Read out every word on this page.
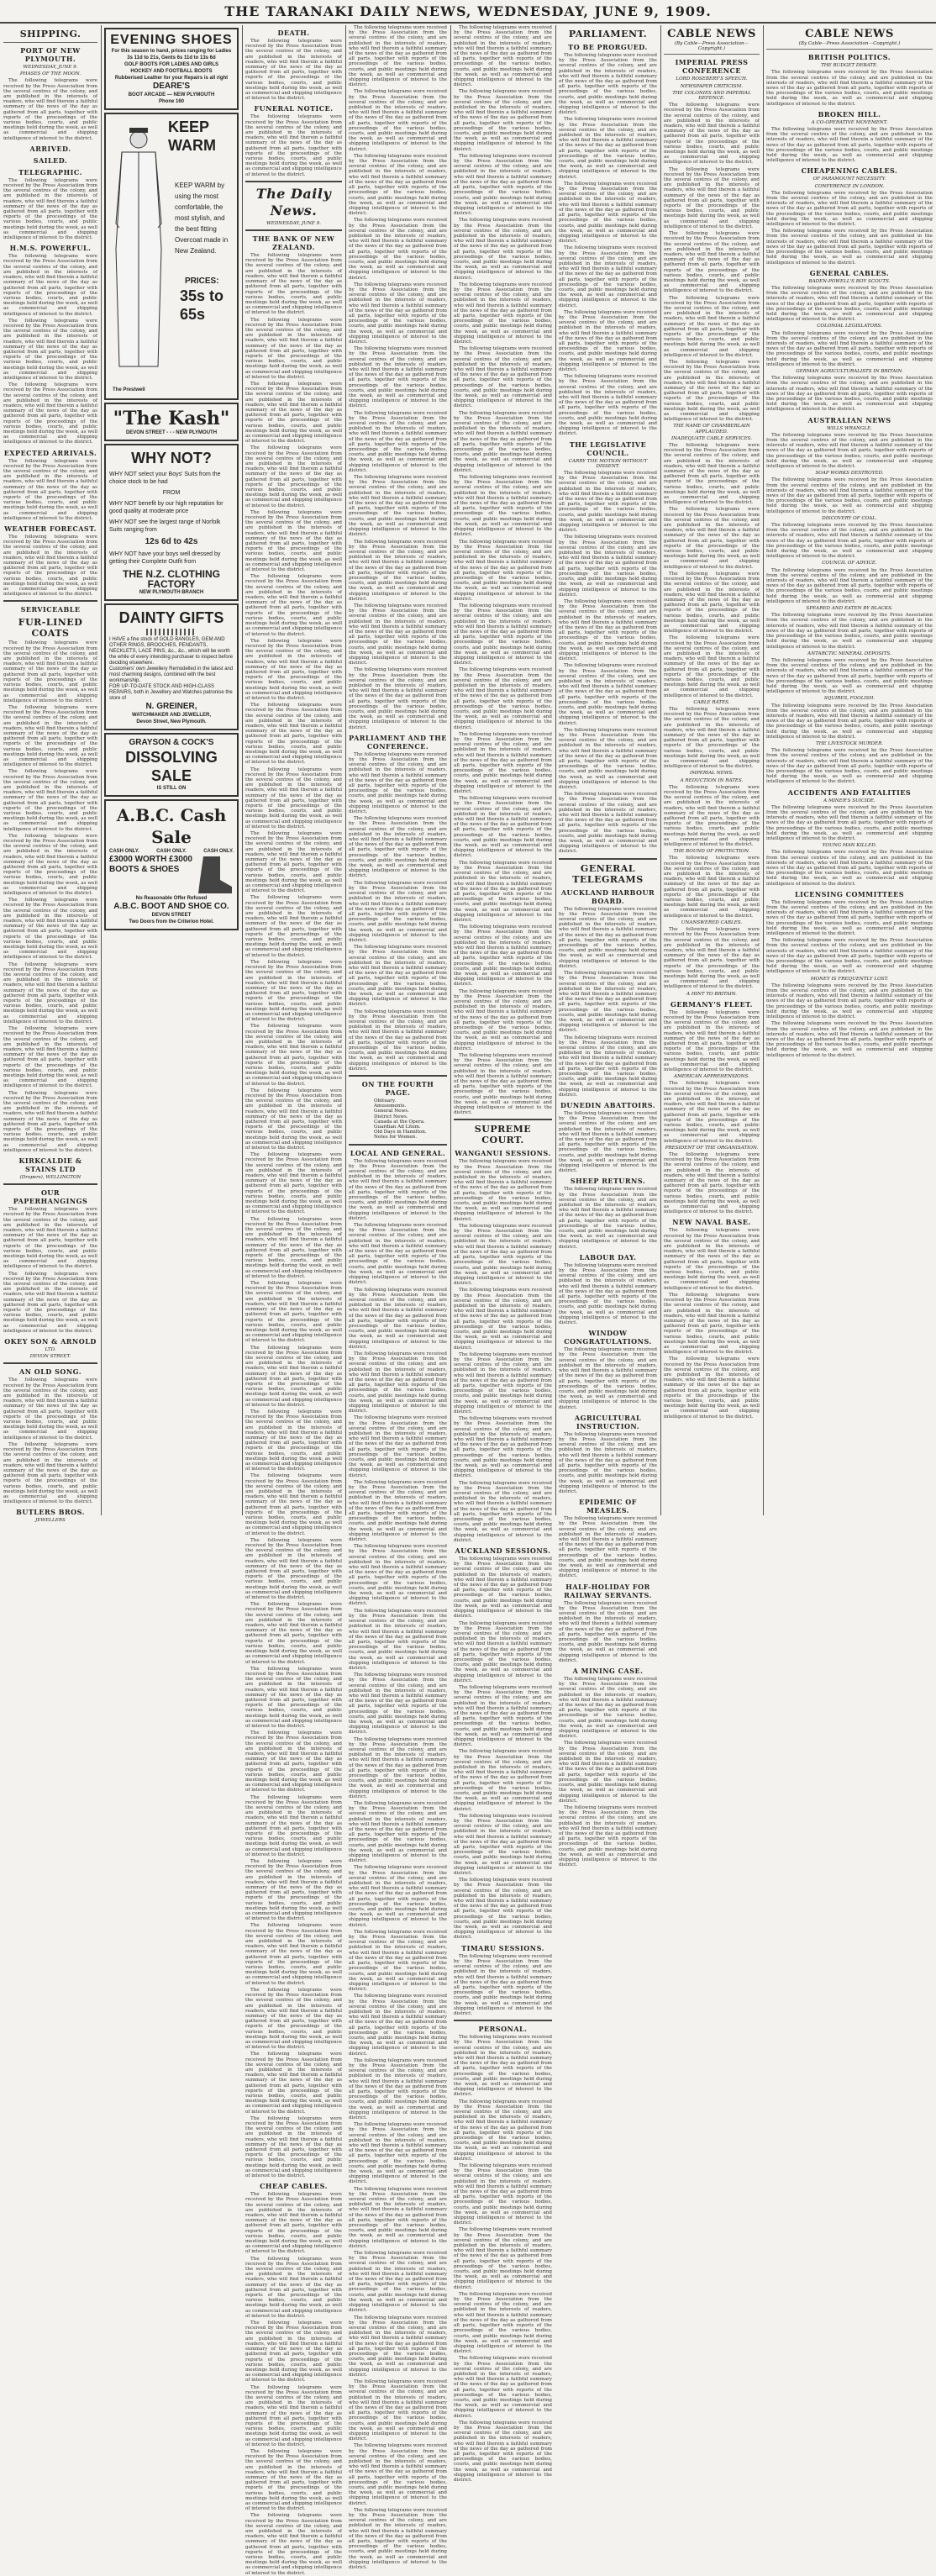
THE TARANAKI DAILY NEWS, WEDNESDAY, JUNE 9, 1909.
SHIPPING.
PORT OF NEW PLYMOUTH.
WEDNESDAY, JUNE 9.
PHASES OF THE MOON.
The following telegrams were received by the Press Association from the several centres of the colony, and are published in the interests of readers, who will find therein a faithful summary of the news of the day as gathered from all parts, together with reports of the proceedings of the various bodies, courts, and public meetings held during the week, as well as commercial and shipping intelligence of interest to the district.
ARRIVED.
SAILED.
TELEGRAPHIC.
The following telegrams were received by the Press Association from the several centres of the colony, and are published in the interests of readers, who will find therein a faithful summary of the news of the day as gathered from all parts, together with reports of the proceedings of the various bodies, courts, and public meetings held during the week, as well as commercial and shipping intelligence of interest to the district.
H.M.S. POWERFUL.
The following telegrams were received by the Press Association from the several centres of the colony, and are published in the interests of readers, who will find therein a faithful summary of the news of the day as gathered from all parts, together with reports of the proceedings of the various bodies, courts, and public meetings held during the week, as well as commercial and shipping intelligence of interest to the district.
The following telegrams were received by the Press Association from the several centres of the colony, and are published in the interests of readers, who will find therein a faithful summary of the news of the day as gathered from all parts, together with reports of the proceedings of the various bodies, courts, and public meetings held during the week, as well as commercial and shipping intelligence of interest to the district.
The following telegrams were received by the Press Association from the several centres of the colony, and are published in the interests of readers, who will find therein a faithful summary of the news of the day as gathered from all parts, together with reports of the proceedings of the various bodies, courts, and public meetings held during the week, as well as commercial and shipping intelligence of interest to the district.
EXPECTED ARRIVALS.
The following telegrams were received by the Press Association from the several centres of the colony, and are published in the interests of readers, who will find therein a faithful summary of the news of the day as gathered from all parts, together with reports of the proceedings of the various bodies, courts, and public meetings held during the week, as well as commercial and shipping intelligence of interest to the district.
WEATHER FORECAST.
The following telegrams were received by the Press Association from the several centres of the colony, and are published in the interests of readers, who will find therein a faithful summary of the news of the day as gathered from all parts, together with reports of the proceedings of the various bodies, courts, and public meetings held during the week, as well as commercial and shipping intelligence of interest to the district.
SERVICEABLE
FUR-LINED COATS
The following telegrams were received by the Press Association from the several centres of the colony, and are published in the interests of readers, who will find therein a faithful summary of the news of the day as gathered from all parts, together with reports of the proceedings of the various bodies, courts, and public meetings held during the week, as well as commercial and shipping intelligence of interest to the district.
The following telegrams were received by the Press Association from the several centres of the colony, and are published in the interests of readers, who will find therein a faithful summary of the news of the day as gathered from all parts, together with reports of the proceedings of the various bodies, courts, and public meetings held during the week, as well as commercial and shipping intelligence of interest to the district.
The following telegrams were received by the Press Association from the several centres of the colony, and are published in the interests of readers, who will find therein a faithful summary of the news of the day as gathered from all parts, together with reports of the proceedings of the various bodies, courts, and public meetings held during the week, as well as commercial and shipping intelligence of interest to the district.
The following telegrams were received by the Press Association from the several centres of the colony, and are published in the interests of readers, who will find therein a faithful summary of the news of the day as gathered from all parts, together with reports of the proceedings of the various bodies, courts, and public meetings held during the week, as well as commercial and shipping intelligence of interest to the district.
The following telegrams were received by the Press Association from the several centres of the colony, and are published in the interests of readers, who will find therein a faithful summary of the news of the day as gathered from all parts, together with reports of the proceedings of the various bodies, courts, and public meetings held during the week, as well as commercial and shipping intelligence of interest to the district.
The following telegrams were received by the Press Association from the several centres of the colony, and are published in the interests of readers, who will find therein a faithful summary of the news of the day as gathered from all parts, together with reports of the proceedings of the various bodies, courts, and public meetings held during the week, as well as commercial and shipping intelligence of interest to the district.
The following telegrams were received by the Press Association from the several centres of the colony, and are published in the interests of readers, who will find therein a faithful summary of the news of the day as gathered from all parts, together with reports of the proceedings of the various bodies, courts, and public meetings held during the week, as well as commercial and shipping intelligence of interest to the district.
The following telegrams were received by the Press Association from the several centres of the colony, and are published in the interests of readers, who will find therein a faithful summary of the news of the day as gathered from all parts, together with reports of the proceedings of the various bodies, courts, and public meetings held during the week, as well as commercial and shipping intelligence of interest to the district.
KIRKCALDIE & STAINS LTD
(Drapers), WELLINGTON
OUR PAPERHANGINGS
The following telegrams were received by the Press Association from the several centres of the colony, and are published in the interests of readers, who will find therein a faithful summary of the news of the day as gathered from all parts, together with reports of the proceedings of the various bodies, courts, and public meetings held during the week, as well as commercial and shipping intelligence of interest to the district.
The following telegrams were received by the Press Association from the several centres of the colony, and are published in the interests of readers, who will find therein a faithful summary of the news of the day as gathered from all parts, together with reports of the proceedings of the various bodies, courts, and public meetings held during the week, as well as commercial and shipping intelligence of interest to the district.
OKEY SON & ARNOLD
LTD.
DEVON STREET.
AN OLD SONG.
The following telegrams were received by the Press Association from the several centres of the colony, and are published in the interests of readers, who will find therein a faithful summary of the news of the day as gathered from all parts, together with reports of the proceedings of the various bodies, courts, and public meetings held during the week, as well as commercial and shipping intelligence of interest to the district.
The following telegrams were received by the Press Association from the several centres of the colony, and are published in the interests of readers, who will find therein a faithful summary of the news of the day as gathered from all parts, together with reports of the proceedings of the various bodies, courts, and public meetings held during the week, as well as commercial and shipping intelligence of interest to the district.
BUTLERS BROS.
JEWELLERS
EVENING SHOES
For this season to hand, prices ranging for Ladies 3s 11d to 21s, Gents 6s 11d to 13s 6d
GOLF BOOTS FOR LADIES AND GIRLS
HOCKEY AND FOOTBALL BOOTS
Rubberised Leather for your Repairs is all right
DEARE'S
BOOT ARCADE — NEW PLYMOUTH
Phone 160
KEEP WARM
KEEP WARM by using the most comfortable, the most stylish, and the best fitting Overcoat made in New Zealand.
PRICES:
35s to 65s
The Prestwell
"The Kash"
DEVON STREET - - - NEW PLYMOUTH
WHY NOT?
WHY NOT select your Boys' Suits from the choice stock to be had
FROM
WHY NOT benefit by our high reputation for good quality at moderate price
WHY NOT see the largest range of Norfolk Suits ranging from
12s 6d to 42s
WHY NOT have your boys well dressed by getting their Complete Outfit from
THE N.Z. CLOTHING FACTORY
NEW PLYMOUTH BRANCH
DAINTY GIFTS
I HAVE a fine stock of GOLD BANGLES, GEM AND OTHER RINGS, BROOCHES, PENDANTS, NECKLETS, LACE PINS, &c., &c., which will be worth the while of every intending purchaser to inspect before deciding elsewhere.
Customers' own Jewellery Remodelled in the latest and most charming designs, combined with the best workmanship.
FOR UP-TO-DATE STOCK AND HIGH-CLASS REPAIRS, both in Jewellery and Watches patronise the store of
N. GREINER,
WATCHMAKER AND JEWELLER,
Devon Street, New Plymouth.
GRAYSON & COCK'S
DISSOLVING SALE
IS STILL ON
A.B.C. Cash Sale
CASH ONLY.	CASH ONLY.	CASH ONLY.
£3000 WORTH £3000
BOOTS & SHOES
No Reasonable Offer Refused
A.B.C. BOOT AND SHOE CO.
DEVON STREET
Two Doors from the Criterion Hotel.
DEATH.
The following telegrams were received by the Press Association from the several centres of the colony, and are published in the interests of readers, who will find therein a faithful summary of the news of the day as gathered from all parts, together with reports of the proceedings of the various bodies, courts, and public meetings held during the week, as well as commercial and shipping intelligence of interest to the district.
FUNERAL NOTICE.
The following telegrams were received by the Press Association from the several centres of the colony, and are published in the interests of readers, who will find therein a faithful summary of the news of the day as gathered from all parts, together with reports of the proceedings of the various bodies, courts, and public meetings held during the week, as well as commercial and shipping intelligence of interest to the district.
The Daily News.
WEDNESDAY, JUNE 9.
THE BANK OF NEW ZEALAND.
The following telegrams were received by the Press Association from the several centres of the colony, and are published in the interests of readers, who will find therein a faithful summary of the news of the day as gathered from all parts, together with reports of the proceedings of the various bodies, courts, and public meetings held during the week, as well as commercial and shipping intelligence of interest to the district.
The following telegrams were received by the Press Association from the several centres of the colony, and are published in the interests of readers, who will find therein a faithful summary of the news of the day as gathered from all parts, together with reports of the proceedings of the various bodies, courts, and public meetings held during the week, as well as commercial and shipping intelligence of interest to the district.
The following telegrams were received by the Press Association from the several centres of the colony, and are published in the interests of readers, who will find therein a faithful summary of the news of the day as gathered from all parts, together with reports of the proceedings of the various bodies, courts, and public meetings held during the week, as well as commercial and shipping intelligence of interest to the district.
The following telegrams were received by the Press Association from the several centres of the colony, and are published in the interests of readers, who will find therein a faithful summary of the news of the day as gathered from all parts, together with reports of the proceedings of the various bodies, courts, and public meetings held during the week, as well as commercial and shipping intelligence of interest to the district.
The following telegrams were received by the Press Association from the several centres of the colony, and are published in the interests of readers, who will find therein a faithful summary of the news of the day as gathered from all parts, together with reports of the proceedings of the various bodies, courts, and public meetings held during the week, as well as commercial and shipping intelligence of interest to the district.
The following telegrams were received by the Press Association from the several centres of the colony, and are published in the interests of readers, who will find therein a faithful summary of the news of the day as gathered from all parts, together with reports of the proceedings of the various bodies, courts, and public meetings held during the week, as well as commercial and shipping intelligence of interest to the district.
The following telegrams were received by the Press Association from the several centres of the colony, and are published in the interests of readers, who will find therein a faithful summary of the news of the day as gathered from all parts, together with reports of the proceedings of the various bodies, courts, and public meetings held during the week, as well as commercial and shipping intelligence of interest to the district.
The following telegrams were received by the Press Association from the several centres of the colony, and are published in the interests of readers, who will find therein a faithful summary of the news of the day as gathered from all parts, together with reports of the proceedings of the various bodies, courts, and public meetings held during the week, as well as commercial and shipping intelligence of interest to the district.
The following telegrams were received by the Press Association from the several centres of the colony, and are published in the interests of readers, who will find therein a faithful summary of the news of the day as gathered from all parts, together with reports of the proceedings of the various bodies, courts, and public meetings held during the week, as well as commercial and shipping intelligence of interest to the district.
The following telegrams were received by the Press Association from the several centres of the colony, and are published in the interests of readers, who will find therein a faithful summary of the news of the day as gathered from all parts, together with reports of the proceedings of the various bodies, courts, and public meetings held during the week, as well as commercial and shipping intelligence of interest to the district.
The following telegrams were received by the Press Association from the several centres of the colony, and are published in the interests of readers, who will find therein a faithful summary of the news of the day as gathered from all parts, together with reports of the proceedings of the various bodies, courts, and public meetings held during the week, as well as commercial and shipping intelligence of interest to the district.
The following telegrams were received by the Press Association from the several centres of the colony, and are published in the interests of readers, who will find therein a faithful summary of the news of the day as gathered from all parts, together with reports of the proceedings of the various bodies, courts, and public meetings held during the week, as well as commercial and shipping intelligence of interest to the district.
The following telegrams were received by the Press Association from the several centres of the colony, and are published in the interests of readers, who will find therein a faithful summary of the news of the day as gathered from all parts, together with reports of the proceedings of the various bodies, courts, and public meetings held during the week, as well as commercial and shipping intelligence of interest to the district.
The following telegrams were received by the Press Association from the several centres of the colony, and are published in the interests of readers, who will find therein a faithful summary of the news of the day as gathered from all parts, together with reports of the proceedings of the various bodies, courts, and public meetings held during the week, as well as commercial and shipping intelligence of interest to the district.
The following telegrams were received by the Press Association from the several centres of the colony, and are published in the interests of readers, who will find therein a faithful summary of the news of the day as gathered from all parts, together with reports of the proceedings of the various bodies, courts, and public meetings held during the week, as well as commercial and shipping intelligence of interest to the district.
The following telegrams were received by the Press Association from the several centres of the colony, and are published in the interests of readers, who will find therein a faithful summary of the news of the day as gathered from all parts, together with reports of the proceedings of the various bodies, courts, and public meetings held during the week, as well as commercial and shipping intelligence of interest to the district.
The following telegrams were received by the Press Association from the several centres of the colony, and are published in the interests of readers, who will find therein a faithful summary of the news of the day as gathered from all parts, together with reports of the proceedings of the various bodies, courts, and public meetings held during the week, as well as commercial and shipping intelligence of interest to the district.
The following telegrams were received by the Press Association from the several centres of the colony, and are published in the interests of readers, who will find therein a faithful summary of the news of the day as gathered from all parts, together with reports of the proceedings of the various bodies, courts, and public meetings held during the week, as well as commercial and shipping intelligence of interest to the district.
The following telegrams were received by the Press Association from the several centres of the colony, and are published in the interests of readers, who will find therein a faithful summary of the news of the day as gathered from all parts, together with reports of the proceedings of the various bodies, courts, and public meetings held during the week, as well as commercial and shipping intelligence of interest to the district.
The following telegrams were received by the Press Association from the several centres of the colony, and are published in the interests of readers, who will find therein a faithful summary of the news of the day as gathered from all parts, together with reports of the proceedings of the various bodies, courts, and public meetings held during the week, as well as commercial and shipping intelligence of interest to the district.
The following telegrams were received by the Press Association from the several centres of the colony, and are published in the interests of readers, who will find therein a faithful summary of the news of the day as gathered from all parts, together with reports of the proceedings of the various bodies, courts, and public meetings held during the week, as well as commercial and shipping intelligence of interest to the district.
The following telegrams were received by the Press Association from the several centres of the colony, and are published in the interests of readers, who will find therein a faithful summary of the news of the day as gathered from all parts, together with reports of the proceedings of the various bodies, courts, and public meetings held during the week, as well as commercial and shipping intelligence of interest to the district.
The following telegrams were received by the Press Association from the several centres of the colony, and are published in the interests of readers, who will find therein a faithful summary of the news of the day as gathered from all parts, together with reports of the proceedings of the various bodies, courts, and public meetings held during the week, as well as commercial and shipping intelligence of interest to the district.
The following telegrams were received by the Press Association from the several centres of the colony, and are published in the interests of readers, who will find therein a faithful summary of the news of the day as gathered from all parts, together with reports of the proceedings of the various bodies, courts, and public meetings held during the week, as well as commercial and shipping intelligence of interest to the district.
The following telegrams were received by the Press Association from the several centres of the colony, and are published in the interests of readers, who will find therein a faithful summary of the news of the day as gathered from all parts, together with reports of the proceedings of the various bodies, courts, and public meetings held during the week, as well as commercial and shipping intelligence of interest to the district.
The following telegrams were received by the Press Association from the several centres of the colony, and are published in the interests of readers, who will find therein a faithful summary of the news of the day as gathered from all parts, together with reports of the proceedings of the various bodies, courts, and public meetings held during the week, as well as commercial and shipping intelligence of interest to the district.
The following telegrams were received by the Press Association from the several centres of the colony, and are published in the interests of readers, who will find therein a faithful summary of the news of the day as gathered from all parts, together with reports of the proceedings of the various bodies, courts, and public meetings held during the week, as well as commercial and shipping intelligence of interest to the district.
The following telegrams were received by the Press Association from the several centres of the colony, and are published in the interests of readers, who will find therein a faithful summary of the news of the day as gathered from all parts, together with reports of the proceedings of the various bodies, courts, and public meetings held during the week, as well as commercial and shipping intelligence of interest to the district.
The following telegrams were received by the Press Association from the several centres of the colony, and are published in the interests of readers, who will find therein a faithful summary of the news of the day as gathered from all parts, together with reports of the proceedings of the various bodies, courts, and public meetings held during the week, as well as commercial and shipping intelligence of interest to the district.
The following telegrams were received by the Press Association from the several centres of the colony, and are published in the interests of readers, who will find therein a faithful summary of the news of the day as gathered from all parts, together with reports of the proceedings of the various bodies, courts, and public meetings held during the week, as well as commercial and shipping intelligence of interest to the district.
CHEAP CABLES.
The following telegrams were received by the Press Association from the several centres of the colony, and are published in the interests of readers, who will find therein a faithful summary of the news of the day as gathered from all parts, together with reports of the proceedings of the various bodies, courts, and public meetings held during the week, as well as commercial and shipping intelligence of interest to the district.
The following telegrams were received by the Press Association from the several centres of the colony, and are published in the interests of readers, who will find therein a faithful summary of the news of the day as gathered from all parts, together with reports of the proceedings of the various bodies, courts, and public meetings held during the week, as well as commercial and shipping intelligence of interest to the district.
The following telegrams were received by the Press Association from the several centres of the colony, and are published in the interests of readers, who will find therein a faithful summary of the news of the day as gathered from all parts, together with reports of the proceedings of the various bodies, courts, and public meetings held during the week, as well as commercial and shipping intelligence of interest to the district.
The following telegrams were received by the Press Association from the several centres of the colony, and are published in the interests of readers, who will find therein a faithful summary of the news of the day as gathered from all parts, together with reports of the proceedings of the various bodies, courts, and public meetings held during the week, as well as commercial and shipping intelligence of interest to the district.
The following telegrams were received by the Press Association from the several centres of the colony, and are published in the interests of readers, who will find therein a faithful summary of the news of the day as gathered from all parts, together with reports of the proceedings of the various bodies, courts, and public meetings held during the week, as well as commercial and shipping intelligence of interest to the district.
The following telegrams were received by the Press Association from the several centres of the colony, and are published in the interests of readers, who will find therein a faithful summary of the news of the day as gathered from all parts, together with reports of the proceedings of the various bodies, courts, and public meetings held during the week, as well as commercial and shipping intelligence of interest to the district.
The following telegrams were received by the Press Association from the several centres of the colony, and are published in the interests of readers, who will find therein a faithful summary of the news of the day as gathered from all parts, together with reports of the proceedings of the various bodies, courts, and public meetings held during the week, as well as commercial and shipping intelligence of interest to the district.
The following telegrams were received by the Press Association from the several centres of the colony, and are published in the interests of readers, who will find therein a faithful summary of the news of the day as gathered from all parts, together with reports of the proceedings of the various bodies, courts, and public meetings held during the week, as well as commercial and shipping intelligence of interest to the district.
The following telegrams were received by the Press Association from the several centres of the colony, and are published in the interests of readers, who will find therein a faithful summary of the news of the day as gathered from all parts, together with reports of the proceedings of the various bodies, courts, and public meetings held during the week, as well as commercial and shipping intelligence of interest to the district.
The following telegrams were received by the Press Association from the several centres of the colony, and are published in the interests of readers, who will find therein a faithful summary of the news of the day as gathered from all parts, together with reports of the proceedings of the various bodies, courts, and public meetings held during the week, as well as commercial and shipping intelligence of interest to the district.
The following telegrams were received by the Press Association from the several centres of the colony, and are published in the interests of readers, who will find therein a faithful summary of the news of the day as gathered from all parts, together with reports of the proceedings of the various bodies, courts, and public meetings held during the week, as well as commercial and shipping intelligence of interest to the district.
The following telegrams were received by the Press Association from the several centres of the colony, and are published in the interests of readers, who will find therein a faithful summary of the news of the day as gathered from all parts, together with reports of the proceedings of the various bodies, courts, and public meetings held during the week, as well as commercial and shipping intelligence of interest to the district.
The following telegrams were received by the Press Association from the several centres of the colony, and are published in the interests of readers, who will find therein a faithful summary of the news of the day as gathered from all parts, together with reports of the proceedings of the various bodies, courts, and public meetings held during the week, as well as commercial and shipping intelligence of interest to the district.
The following telegrams were received by the Press Association from the several centres of the colony, and are published in the interests of readers, who will find therein a faithful summary of the news of the day as gathered from all parts, together with reports of the proceedings of the various bodies, courts, and public meetings held during the week, as well as commercial and shipping intelligence of interest to the district.
The following telegrams were received by the Press Association from the several centres of the colony, and are published in the interests of readers, who will find therein a faithful summary of the news of the day as gathered from all parts, together with reports of the proceedings of the various bodies, courts, and public meetings held during the week, as well as commercial and shipping intelligence of interest to the district.
The following telegrams were received by the Press Association from the several centres of the colony, and are published in the interests of readers, who will find therein a faithful summary of the news of the day as gathered from all parts, together with reports of the proceedings of the various bodies, courts, and public meetings held during the week, as well as commercial and shipping intelligence of interest to the district.
The following telegrams were received by the Press Association from the several centres of the colony, and are published in the interests of readers, who will find therein a faithful summary of the news of the day as gathered from all parts, together with reports of the proceedings of the various bodies, courts, and public meetings held during the week, as well as commercial and shipping intelligence of interest to the district.
PARLIAMENT AND THE CONFERENCE.
The following telegrams were received by the Press Association from the several centres of the colony, and are published in the interests of readers, who will find therein a faithful summary of the news of the day as gathered from all parts, together with reports of the proceedings of the various bodies, courts, and public meetings held during the week, as well as commercial and shipping intelligence of interest to the district.
The following telegrams were received by the Press Association from the several centres of the colony, and are published in the interests of readers, who will find therein a faithful summary of the news of the day as gathered from all parts, together with reports of the proceedings of the various bodies, courts, and public meetings held during the week, as well as commercial and shipping intelligence of interest to the district.
The following telegrams were received by the Press Association from the several centres of the colony, and are published in the interests of readers, who will find therein a faithful summary of the news of the day as gathered from all parts, together with reports of the proceedings of the various bodies, courts, and public meetings held during the week, as well as commercial and shipping intelligence of interest to the district.
The following telegrams were received by the Press Association from the several centres of the colony, and are published in the interests of readers, who will find therein a faithful summary of the news of the day as gathered from all parts, together with reports of the proceedings of the various bodies, courts, and public meetings held during the week, as well as commercial and shipping intelligence of interest to the district.
The following telegrams were received by the Press Association from the several centres of the colony, and are published in the interests of readers, who will find therein a faithful summary of the news of the day as gathered from all parts, together with reports of the proceedings of the various bodies, courts, and public meetings held during the week, as well as commercial and shipping intelligence of interest to the district.
ON THE FOURTH PAGE.
Obituary.
Amusements.
General News.
District News.
Canada at the Opera.
Guardian Ad Litem.
Old Days in Hamilton.
Notes for Women.
LOCAL AND GENERAL.
The following telegrams were received by the Press Association from the several centres of the colony, and are published in the interests of readers, who will find therein a faithful summary of the news of the day as gathered from all parts, together with reports of the proceedings of the various bodies, courts, and public meetings held during the week, as well as commercial and shipping intelligence of interest to the district.
The following telegrams were received by the Press Association from the several centres of the colony, and are published in the interests of readers, who will find therein a faithful summary of the news of the day as gathered from all parts, together with reports of the proceedings of the various bodies, courts, and public meetings held during the week, as well as commercial and shipping intelligence of interest to the district.
The following telegrams were received by the Press Association from the several centres of the colony, and are published in the interests of readers, who will find therein a faithful summary of the news of the day as gathered from all parts, together with reports of the proceedings of the various bodies, courts, and public meetings held during the week, as well as commercial and shipping intelligence of interest to the district.
The following telegrams were received by the Press Association from the several centres of the colony, and are published in the interests of readers, who will find therein a faithful summary of the news of the day as gathered from all parts, together with reports of the proceedings of the various bodies, courts, and public meetings held during the week, as well as commercial and shipping intelligence of interest to the district.
The following telegrams were received by the Press Association from the several centres of the colony, and are published in the interests of readers, who will find therein a faithful summary of the news of the day as gathered from all parts, together with reports of the proceedings of the various bodies, courts, and public meetings held during the week, as well as commercial and shipping intelligence of interest to the district.
The following telegrams were received by the Press Association from the several centres of the colony, and are published in the interests of readers, who will find therein a faithful summary of the news of the day as gathered from all parts, together with reports of the proceedings of the various bodies, courts, and public meetings held during the week, as well as commercial and shipping intelligence of interest to the district.
The following telegrams were received by the Press Association from the several centres of the colony, and are published in the interests of readers, who will find therein a faithful summary of the news of the day as gathered from all parts, together with reports of the proceedings of the various bodies, courts, and public meetings held during the week, as well as commercial and shipping intelligence of interest to the district.
The following telegrams were received by the Press Association from the several centres of the colony, and are published in the interests of readers, who will find therein a faithful summary of the news of the day as gathered from all parts, together with reports of the proceedings of the various bodies, courts, and public meetings held during the week, as well as commercial and shipping intelligence of interest to the district.
The following telegrams were received by the Press Association from the several centres of the colony, and are published in the interests of readers, who will find therein a faithful summary of the news of the day as gathered from all parts, together with reports of the proceedings of the various bodies, courts, and public meetings held during the week, as well as commercial and shipping intelligence of interest to the district.
The following telegrams were received by the Press Association from the several centres of the colony, and are published in the interests of readers, who will find therein a faithful summary of the news of the day as gathered from all parts, together with reports of the proceedings of the various bodies, courts, and public meetings held during the week, as well as commercial and shipping intelligence of interest to the district.
The following telegrams were received by the Press Association from the several centres of the colony, and are published in the interests of readers, who will find therein a faithful summary of the news of the day as gathered from all parts, together with reports of the proceedings of the various bodies, courts, and public meetings held during the week, as well as commercial and shipping intelligence of interest to the district.
The following telegrams were received by the Press Association from the several centres of the colony, and are published in the interests of readers, who will find therein a faithful summary of the news of the day as gathered from all parts, together with reports of the proceedings of the various bodies, courts, and public meetings held during the week, as well as commercial and shipping intelligence of interest to the district.
The following telegrams were received by the Press Association from the several centres of the colony, and are published in the interests of readers, who will find therein a faithful summary of the news of the day as gathered from all parts, together with reports of the proceedings of the various bodies, courts, and public meetings held during the week, as well as commercial and shipping intelligence of interest to the district.
The following telegrams were received by the Press Association from the several centres of the colony, and are published in the interests of readers, who will find therein a faithful summary of the news of the day as gathered from all parts, together with reports of the proceedings of the various bodies, courts, and public meetings held during the week, as well as commercial and shipping intelligence of interest to the district.
The following telegrams were received by the Press Association from the several centres of the colony, and are published in the interests of readers, who will find therein a faithful summary of the news of the day as gathered from all parts, together with reports of the proceedings of the various bodies, courts, and public meetings held during the week, as well as commercial and shipping intelligence of interest to the district.
The following telegrams were received by the Press Association from the several centres of the colony, and are published in the interests of readers, who will find therein a faithful summary of the news of the day as gathered from all parts, together with reports of the proceedings of the various bodies, courts, and public meetings held during the week, as well as commercial and shipping intelligence of interest to the district.
The following telegrams were received by the Press Association from the several centres of the colony, and are published in the interests of readers, who will find therein a faithful summary of the news of the day as gathered from all parts, together with reports of the proceedings of the various bodies, courts, and public meetings held during the week, as well as commercial and shipping intelligence of interest to the district.
The following telegrams were received by the Press Association from the several centres of the colony, and are published in the interests of readers, who will find therein a faithful summary of the news of the day as gathered from all parts, together with reports of the proceedings of the various bodies, courts, and public meetings held during the week, as well as commercial and shipping intelligence of interest to the district.
The following telegrams were received by the Press Association from the several centres of the colony, and are published in the interests of readers, who will find therein a faithful summary of the news of the day as gathered from all parts, together with reports of the proceedings of the various bodies, courts, and public meetings held during the week, as well as commercial and shipping intelligence of interest to the district.
The following telegrams were received by the Press Association from the several centres of the colony, and are published in the interests of readers, who will find therein a faithful summary of the news of the day as gathered from all parts, together with reports of the proceedings of the various bodies, courts, and public meetings held during the week, as well as commercial and shipping intelligence of interest to the district.
The following telegrams were received by the Press Association from the several centres of the colony, and are published in the interests of readers, who will find therein a faithful summary of the news of the day as gathered from all parts, together with reports of the proceedings of the various bodies, courts, and public meetings held during the week, as well as commercial and shipping intelligence of interest to the district.
The following telegrams were received by the Press Association from the several centres of the colony, and are published in the interests of readers, who will find therein a faithful summary of the news of the day as gathered from all parts, together with reports of the proceedings of the various bodies, courts, and public meetings held during the week, as well as commercial and shipping intelligence of interest to the district.
The following telegrams were received by the Press Association from the several centres of the colony, and are published in the interests of readers, who will find therein a faithful summary of the news of the day as gathered from all parts, together with reports of the proceedings of the various bodies, courts, and public meetings held during the week, as well as commercial and shipping intelligence of interest to the district.
The following telegrams were received by the Press Association from the several centres of the colony, and are published in the interests of readers, who will find therein a faithful summary of the news of the day as gathered from all parts, together with reports of the proceedings of the various bodies, courts, and public meetings held during the week, as well as commercial and shipping intelligence of interest to the district.
The following telegrams were received by the Press Association from the several centres of the colony, and are published in the interests of readers, who will find therein a faithful summary of the news of the day as gathered from all parts, together with reports of the proceedings of the various bodies, courts, and public meetings held during the week, as well as commercial and shipping intelligence of interest to the district.
The following telegrams were received by the Press Association from the several centres of the colony, and are published in the interests of readers, who will find therein a faithful summary of the news of the day as gathered from all parts, together with reports of the proceedings of the various bodies, courts, and public meetings held during the week, as well as commercial and shipping intelligence of interest to the district.
The following telegrams were received by the Press Association from the several centres of the colony, and are published in the interests of readers, who will find therein a faithful summary of the news of the day as gathered from all parts, together with reports of the proceedings of the various bodies, courts, and public meetings held during the week, as well as commercial and shipping intelligence of interest to the district.
The following telegrams were received by the Press Association from the several centres of the colony, and are published in the interests of readers, who will find therein a faithful summary of the news of the day as gathered from all parts, together with reports of the proceedings of the various bodies, courts, and public meetings held during the week, as well as commercial and shipping intelligence of interest to the district.
The following telegrams were received by the Press Association from the several centres of the colony, and are published in the interests of readers, who will find therein a faithful summary of the news of the day as gathered from all parts, together with reports of the proceedings of the various bodies, courts, and public meetings held during the week, as well as commercial and shipping intelligence of interest to the district.
The following telegrams were received by the Press Association from the several centres of the colony, and are published in the interests of readers, who will find therein a faithful summary of the news of the day as gathered from all parts, together with reports of the proceedings of the various bodies, courts, and public meetings held during the week, as well as commercial and shipping intelligence of interest to the district.
The following telegrams were received by the Press Association from the several centres of the colony, and are published in the interests of readers, who will find therein a faithful summary of the news of the day as gathered from all parts, together with reports of the proceedings of the various bodies, courts, and public meetings held during the week, as well as commercial and shipping intelligence of interest to the district.
The following telegrams were received by the Press Association from the several centres of the colony, and are published in the interests of readers, who will find therein a faithful summary of the news of the day as gathered from all parts, together with reports of the proceedings of the various bodies, courts, and public meetings held during the week, as well as commercial and shipping intelligence of interest to the district.
The following telegrams were received by the Press Association from the several centres of the colony, and are published in the interests of readers, who will find therein a faithful summary of the news of the day as gathered from all parts, together with reports of the proceedings of the various bodies, courts, and public meetings held during the week, as well as commercial and shipping intelligence of interest to the district.
The following telegrams were received by the Press Association from the several centres of the colony, and are published in the interests of readers, who will find therein a faithful summary of the news of the day as gathered from all parts, together with reports of the proceedings of the various bodies, courts, and public meetings held during the week, as well as commercial and shipping intelligence of interest to the district.
The following telegrams were received by the Press Association from the several centres of the colony, and are published in the interests of readers, who will find therein a faithful summary of the news of the day as gathered from all parts, together with reports of the proceedings of the various bodies, courts, and public meetings held during the week, as well as commercial and shipping intelligence of interest to the district.
The following telegrams were received by the Press Association from the several centres of the colony, and are published in the interests of readers, who will find therein a faithful summary of the news of the day as gathered from all parts, together with reports of the proceedings of the various bodies, courts, and public meetings held during the week, as well as commercial and shipping intelligence of interest to the district.
The following telegrams were received by the Press Association from the several centres of the colony, and are published in the interests of readers, who will find therein a faithful summary of the news of the day as gathered from all parts, together with reports of the proceedings of the various bodies, courts, and public meetings held during the week, as well as commercial and shipping intelligence of interest to the district.
The following telegrams were received by the Press Association from the several centres of the colony, and are published in the interests of readers, who will find therein a faithful summary of the news of the day as gathered from all parts, together with reports of the proceedings of the various bodies, courts, and public meetings held during the week, as well as commercial and shipping intelligence of interest to the district.
The following telegrams were received by the Press Association from the several centres of the colony, and are published in the interests of readers, who will find therein a faithful summary of the news of the day as gathered from all parts, together with reports of the proceedings of the various bodies, courts, and public meetings held during the week, as well as commercial and shipping intelligence of interest to the district.
SUPREME COURT.
WANGANUI SESSIONS.
The following telegrams were received by the Press Association from the several centres of the colony, and are published in the interests of readers, who will find therein a faithful summary of the news of the day as gathered from all parts, together with reports of the proceedings of the various bodies, courts, and public meetings held during the week, as well as commercial and shipping intelligence of interest to the district.
The following telegrams were received by the Press Association from the several centres of the colony, and are published in the interests of readers, who will find therein a faithful summary of the news of the day as gathered from all parts, together with reports of the proceedings of the various bodies, courts, and public meetings held during the week, as well as commercial and shipping intelligence of interest to the district.
The following telegrams were received by the Press Association from the several centres of the colony, and are published in the interests of readers, who will find therein a faithful summary of the news of the day as gathered from all parts, together with reports of the proceedings of the various bodies, courts, and public meetings held during the week, as well as commercial and shipping intelligence of interest to the district.
The following telegrams were received by the Press Association from the several centres of the colony, and are published in the interests of readers, who will find therein a faithful summary of the news of the day as gathered from all parts, together with reports of the proceedings of the various bodies, courts, and public meetings held during the week, as well as commercial and shipping intelligence of interest to the district.
The following telegrams were received by the Press Association from the several centres of the colony, and are published in the interests of readers, who will find therein a faithful summary of the news of the day as gathered from all parts, together with reports of the proceedings of the various bodies, courts, and public meetings held during the week, as well as commercial and shipping intelligence of interest to the district.
The following telegrams were received by the Press Association from the several centres of the colony, and are published in the interests of readers, who will find therein a faithful summary of the news of the day as gathered from all parts, together with reports of the proceedings of the various bodies, courts, and public meetings held during the week, as well as commercial and shipping intelligence of interest to the district.
AUCKLAND SESSIONS.
The following telegrams were received by the Press Association from the several centres of the colony, and are published in the interests of readers, who will find therein a faithful summary of the news of the day as gathered from all parts, together with reports of the proceedings of the various bodies, courts, and public meetings held during the week, as well as commercial and shipping intelligence of interest to the district.
The following telegrams were received by the Press Association from the several centres of the colony, and are published in the interests of readers, who will find therein a faithful summary of the news of the day as gathered from all parts, together with reports of the proceedings of the various bodies, courts, and public meetings held during the week, as well as commercial and shipping intelligence of interest to the district.
The following telegrams were received by the Press Association from the several centres of the colony, and are published in the interests of readers, who will find therein a faithful summary of the news of the day as gathered from all parts, together with reports of the proceedings of the various bodies, courts, and public meetings held during the week, as well as commercial and shipping intelligence of interest to the district.
The following telegrams were received by the Press Association from the several centres of the colony, and are published in the interests of readers, who will find therein a faithful summary of the news of the day as gathered from all parts, together with reports of the proceedings of the various bodies, courts, and public meetings held during the week, as well as commercial and shipping intelligence of interest to the district.
The following telegrams were received by the Press Association from the several centres of the colony, and are published in the interests of readers, who will find therein a faithful summary of the news of the day as gathered from all parts, together with reports of the proceedings of the various bodies, courts, and public meetings held during the week, as well as commercial and shipping intelligence of interest to the district.
The following telegrams were received by the Press Association from the several centres of the colony, and are published in the interests of readers, who will find therein a faithful summary of the news of the day as gathered from all parts, together with reports of the proceedings of the various bodies, courts, and public meetings held during the week, as well as commercial and shipping intelligence of interest to the district.
TIMARU SESSIONS.
The following telegrams were received by the Press Association from the several centres of the colony, and are published in the interests of readers, who will find therein a faithful summary of the news of the day as gathered from all parts, together with reports of the proceedings of the various bodies, courts, and public meetings held during the week, as well as commercial and shipping intelligence of interest to the district.
PERSONAL.
The following telegrams were received by the Press Association from the several centres of the colony, and are published in the interests of readers, who will find therein a faithful summary of the news of the day as gathered from all parts, together with reports of the proceedings of the various bodies, courts, and public meetings held during the week, as well as commercial and shipping intelligence of interest to the district.
The following telegrams were received by the Press Association from the several centres of the colony, and are published in the interests of readers, who will find therein a faithful summary of the news of the day as gathered from all parts, together with reports of the proceedings of the various bodies, courts, and public meetings held during the week, as well as commercial and shipping intelligence of interest to the district.
The following telegrams were received by the Press Association from the several centres of the colony, and are published in the interests of readers, who will find therein a faithful summary of the news of the day as gathered from all parts, together with reports of the proceedings of the various bodies, courts, and public meetings held during the week, as well as commercial and shipping intelligence of interest to the district.
The following telegrams were received by the Press Association from the several centres of the colony, and are published in the interests of readers, who will find therein a faithful summary of the news of the day as gathered from all parts, together with reports of the proceedings of the various bodies, courts, and public meetings held during the week, as well as commercial and shipping intelligence of interest to the district.
The following telegrams were received by the Press Association from the several centres of the colony, and are published in the interests of readers, who will find therein a faithful summary of the news of the day as gathered from all parts, together with reports of the proceedings of the various bodies, courts, and public meetings held during the week, as well as commercial and shipping intelligence of interest to the district.
The following telegrams were received by the Press Association from the several centres of the colony, and are published in the interests of readers, who will find therein a faithful summary of the news of the day as gathered from all parts, together with reports of the proceedings of the various bodies, courts, and public meetings held during the week, as well as commercial and shipping intelligence of interest to the district.
The following telegrams were received by the Press Association from the several centres of the colony, and are published in the interests of readers, who will find therein a faithful summary of the news of the day as gathered from all parts, together with reports of the proceedings of the various bodies, courts, and public meetings held during the week, as well as commercial and shipping intelligence of interest to the district.
PARLIAMENT.
TO BE PRORGUED.
The following telegrams were received by the Press Association from the several centres of the colony, and are published in the interests of readers, who will find therein a faithful summary of the news of the day as gathered from all parts, together with reports of the proceedings of the various bodies, courts, and public meetings held during the week, as well as commercial and shipping intelligence of interest to the district.
The following telegrams were received by the Press Association from the several centres of the colony, and are published in the interests of readers, who will find therein a faithful summary of the news of the day as gathered from all parts, together with reports of the proceedings of the various bodies, courts, and public meetings held during the week, as well as commercial and shipping intelligence of interest to the district.
The following telegrams were received by the Press Association from the several centres of the colony, and are published in the interests of readers, who will find therein a faithful summary of the news of the day as gathered from all parts, together with reports of the proceedings of the various bodies, courts, and public meetings held during the week, as well as commercial and shipping intelligence of interest to the district.
The following telegrams were received by the Press Association from the several centres of the colony, and are published in the interests of readers, who will find therein a faithful summary of the news of the day as gathered from all parts, together with reports of the proceedings of the various bodies, courts, and public meetings held during the week, as well as commercial and shipping intelligence of interest to the district.
The following telegrams were received by the Press Association from the several centres of the colony, and are published in the interests of readers, who will find therein a faithful summary of the news of the day as gathered from all parts, together with reports of the proceedings of the various bodies, courts, and public meetings held during the week, as well as commercial and shipping intelligence of interest to the district.
The following telegrams were received by the Press Association from the several centres of the colony, and are published in the interests of readers, who will find therein a faithful summary of the news of the day as gathered from all parts, together with reports of the proceedings of the various bodies, courts, and public meetings held during the week, as well as commercial and shipping intelligence of interest to the district.
THE LEGISLATIVE COUNCIL.
CARRY THE MOTION WITHOUT DISSENT.
The following telegrams were received by the Press Association from the several centres of the colony, and are published in the interests of readers, who will find therein a faithful summary of the news of the day as gathered from all parts, together with reports of the proceedings of the various bodies, courts, and public meetings held during the week, as well as commercial and shipping intelligence of interest to the district.
The following telegrams were received by the Press Association from the several centres of the colony, and are published in the interests of readers, who will find therein a faithful summary of the news of the day as gathered from all parts, together with reports of the proceedings of the various bodies, courts, and public meetings held during the week, as well as commercial and shipping intelligence of interest to the district.
The following telegrams were received by the Press Association from the several centres of the colony, and are published in the interests of readers, who will find therein a faithful summary of the news of the day as gathered from all parts, together with reports of the proceedings of the various bodies, courts, and public meetings held during the week, as well as commercial and shipping intelligence of interest to the district.
The following telegrams were received by the Press Association from the several centres of the colony, and are published in the interests of readers, who will find therein a faithful summary of the news of the day as gathered from all parts, together with reports of the proceedings of the various bodies, courts, and public meetings held during the week, as well as commercial and shipping intelligence of interest to the district.
The following telegrams were received by the Press Association from the several centres of the colony, and are published in the interests of readers, who will find therein a faithful summary of the news of the day as gathered from all parts, together with reports of the proceedings of the various bodies, courts, and public meetings held during the week, as well as commercial and shipping intelligence of interest to the district.
The following telegrams were received by the Press Association from the several centres of the colony, and are published in the interests of readers, who will find therein a faithful summary of the news of the day as gathered from all parts, together with reports of the proceedings of the various bodies, courts, and public meetings held during the week, as well as commercial and shipping intelligence of interest to the district.
GENERAL TELEGRAMS
AUCKLAND HARBOUR BOARD.
The following telegrams were received by the Press Association from the several centres of the colony, and are published in the interests of readers, who will find therein a faithful summary of the news of the day as gathered from all parts, together with reports of the proceedings of the various bodies, courts, and public meetings held during the week, as well as commercial and shipping intelligence of interest to the district.
The following telegrams were received by the Press Association from the several centres of the colony, and are published in the interests of readers, who will find therein a faithful summary of the news of the day as gathered from all parts, together with reports of the proceedings of the various bodies, courts, and public meetings held during the week, as well as commercial and shipping intelligence of interest to the district.
The following telegrams were received by the Press Association from the several centres of the colony, and are published in the interests of readers, who will find therein a faithful summary of the news of the day as gathered from all parts, together with reports of the proceedings of the various bodies, courts, and public meetings held during the week, as well as commercial and shipping intelligence of interest to the district.
DUNEDIN ABATTOIRS.
The following telegrams were received by the Press Association from the several centres of the colony, and are published in the interests of readers, who will find therein a faithful summary of the news of the day as gathered from all parts, together with reports of the proceedings of the various bodies, courts, and public meetings held during the week, as well as commercial and shipping intelligence of interest to the district.
SHEEP RETURNS.
The following telegrams were received by the Press Association from the several centres of the colony, and are published in the interests of readers, who will find therein a faithful summary of the news of the day as gathered from all parts, together with reports of the proceedings of the various bodies, courts, and public meetings held during the week, as well as commercial and shipping intelligence of interest to the district.
LABOUR DAY.
The following telegrams were received by the Press Association from the several centres of the colony, and are published in the interests of readers, who will find therein a faithful summary of the news of the day as gathered from all parts, together with reports of the proceedings of the various bodies, courts, and public meetings held during the week, as well as commercial and shipping intelligence of interest to the district.
WINDOW CONGRATULATIONS.
The following telegrams were received by the Press Association from the several centres of the colony, and are published in the interests of readers, who will find therein a faithful summary of the news of the day as gathered from all parts, together with reports of the proceedings of the various bodies, courts, and public meetings held during the week, as well as commercial and shipping intelligence of interest to the district.
AGRICULTURAL INSTRUCTION.
The following telegrams were received by the Press Association from the several centres of the colony, and are published in the interests of readers, who will find therein a faithful summary of the news of the day as gathered from all parts, together with reports of the proceedings of the various bodies, courts, and public meetings held during the week, as well as commercial and shipping intelligence of interest to the district.
EPIDEMIC OF MEASLES.
The following telegrams were received by the Press Association from the several centres of the colony, and are published in the interests of readers, who will find therein a faithful summary of the news of the day as gathered from all parts, together with reports of the proceedings of the various bodies, courts, and public meetings held during the week, as well as commercial and shipping intelligence of interest to the district.
HALF-HOLIDAY FOR RAILWAY SERVANTS.
The following telegrams were received by the Press Association from the several centres of the colony, and are published in the interests of readers, who will find therein a faithful summary of the news of the day as gathered from all parts, together with reports of the proceedings of the various bodies, courts, and public meetings held during the week, as well as commercial and shipping intelligence of interest to the district.
A MINING CASE.
The following telegrams were received by the Press Association from the several centres of the colony, and are published in the interests of readers, who will find therein a faithful summary of the news of the day as gathered from all parts, together with reports of the proceedings of the various bodies, courts, and public meetings held during the week, as well as commercial and shipping intelligence of interest to the district.
The following telegrams were received by the Press Association from the several centres of the colony, and are published in the interests of readers, who will find therein a faithful summary of the news of the day as gathered from all parts, together with reports of the proceedings of the various bodies, courts, and public meetings held during the week, as well as commercial and shipping intelligence of interest to the district.
The following telegrams were received by the Press Association from the several centres of the colony, and are published in the interests of readers, who will find therein a faithful summary of the news of the day as gathered from all parts, together with reports of the proceedings of the various bodies, courts, and public meetings held during the week, as well as commercial and shipping intelligence of interest to the district.
CABLE NEWS
(By Cable—Press Association—Copyright.)
IMPERIAL PRESS CONFERENCE
LORD ROSEBERY'S SPEECH.
NEWSPAPER CRITICISM.
THE COLONIES AND IMPERIAL DEFENCE.
The following telegrams were received by the Press Association from the several centres of the colony, and are published in the interests of readers, who will find therein a faithful summary of the news of the day as gathered from all parts, together with reports of the proceedings of the various bodies, courts, and public meetings held during the week, as well as commercial and shipping intelligence of interest to the district.
The following telegrams were received by the Press Association from the several centres of the colony, and are published in the interests of readers, who will find therein a faithful summary of the news of the day as gathered from all parts, together with reports of the proceedings of the various bodies, courts, and public meetings held during the week, as well as commercial and shipping intelligence of interest to the district.
The following telegrams were received by the Press Association from the several centres of the colony, and are published in the interests of readers, who will find therein a faithful summary of the news of the day as gathered from all parts, together with reports of the proceedings of the various bodies, courts, and public meetings held during the week, as well as commercial and shipping intelligence of interest to the district.
The following telegrams were received by the Press Association from the several centres of the colony, and are published in the interests of readers, who will find therein a faithful summary of the news of the day as gathered from all parts, together with reports of the proceedings of the various bodies, courts, and public meetings held during the week, as well as commercial and shipping intelligence of interest to the district.
The following telegrams were received by the Press Association from the several centres of the colony, and are published in the interests of readers, who will find therein a faithful summary of the news of the day as gathered from all parts, together with reports of the proceedings of the various bodies, courts, and public meetings held during the week, as well as commercial and shipping intelligence of interest to the district.
THE NAME OF CHAMBERLAIN APPLAUDED.
INADEQUATE CABLE SERVICES.
The following telegrams were received by the Press Association from the several centres of the colony, and are published in the interests of readers, who will find therein a faithful summary of the news of the day as gathered from all parts, together with reports of the proceedings of the various bodies, courts, and public meetings held during the week, as well as commercial and shipping intelligence of interest to the district.
The following telegrams were received by the Press Association from the several centres of the colony, and are published in the interests of readers, who will find therein a faithful summary of the news of the day as gathered from all parts, together with reports of the proceedings of the various bodies, courts, and public meetings held during the week, as well as commercial and shipping intelligence of interest to the district.
The following telegrams were received by the Press Association from the several centres of the colony, and are published in the interests of readers, who will find therein a faithful summary of the news of the day as gathered from all parts, together with reports of the proceedings of the various bodies, courts, and public meetings held during the week, as well as commercial and shipping intelligence of interest to the district.
The following telegrams were received by the Press Association from the several centres of the colony, and are published in the interests of readers, who will find therein a faithful summary of the news of the day as gathered from all parts, together with reports of the proceedings of the various bodies, courts, and public meetings held during the week, as well as commercial and shipping intelligence of interest to the district.
CABLE RATES.
The following telegrams were received by the Press Association from the several centres of the colony, and are published in the interests of readers, who will find therein a faithful summary of the news of the day as gathered from all parts, together with reports of the proceedings of the various bodies, courts, and public meetings held during the week, as well as commercial and shipping intelligence of interest to the district.
IMPERIAL NEWS.
A REDUCTION IN RATES.
The following telegrams were received by the Press Association from the several centres of the colony, and are published in the interests of readers, who will find therein a faithful summary of the news of the day as gathered from all parts, together with reports of the proceedings of the various bodies, courts, and public meetings held during the week, as well as commercial and shipping intelligence of interest to the district.
THE BOUND OF PROTECTION.
The following telegrams were received by the Press Association from the several centres of the colony, and are published in the interests of readers, who will find therein a faithful summary of the news of the day as gathered from all parts, together with reports of the proceedings of the various bodies, courts, and public meetings held during the week, as well as commercial and shipping intelligence of interest to the district.
UNANSWERED CABLES.
The following telegrams were received by the Press Association from the several centres of the colony, and are published in the interests of readers, who will find therein a faithful summary of the news of the day as gathered from all parts, together with reports of the proceedings of the various bodies, courts, and public meetings held during the week, as well as commercial and shipping intelligence of interest to the district.
A HINT TO BRITAIN.
GERMANY'S FLEET.
The following telegrams were received by the Press Association from the several centres of the colony, and are published in the interests of readers, who will find therein a faithful summary of the news of the day as gathered from all parts, together with reports of the proceedings of the various bodies, courts, and public meetings held during the week, as well as commercial and shipping intelligence of interest to the district.
AMERICAN APPREHENSIONS.
The following telegrams were received by the Press Association from the several centres of the colony, and are published in the interests of readers, who will find therein a faithful summary of the news of the day as gathered from all parts, together with reports of the proceedings of the various bodies, courts, and public meetings held during the week, as well as commercial and shipping intelligence of interest to the district.
PRESIDENT OF THE ORGANISATION.
The following telegrams were received by the Press Association from the several centres of the colony, and are published in the interests of readers, who will find therein a faithful summary of the news of the day as gathered from all parts, together with reports of the proceedings of the various bodies, courts, and public meetings held during the week, as well as commercial and shipping intelligence of interest to the district.
NEW NAVAL BASE.
The following telegrams were received by the Press Association from the several centres of the colony, and are published in the interests of readers, who will find therein a faithful summary of the news of the day as gathered from all parts, together with reports of the proceedings of the various bodies, courts, and public meetings held during the week, as well as commercial and shipping intelligence of interest to the district.
The following telegrams were received by the Press Association from the several centres of the colony, and are published in the interests of readers, who will find therein a faithful summary of the news of the day as gathered from all parts, together with reports of the proceedings of the various bodies, courts, and public meetings held during the week, as well as commercial and shipping intelligence of interest to the district.
The following telegrams were received by the Press Association from the several centres of the colony, and are published in the interests of readers, who will find therein a faithful summary of the news of the day as gathered from all parts, together with reports of the proceedings of the various bodies, courts, and public meetings held during the week, as well as commercial and shipping intelligence of interest to the district.
CABLE NEWS
(By Cable—Press Association—Copyright.)
BRITISH POLITICS.
THE BUDGET DEBATE.
The following telegrams were received by the Press Association from the several centres of the colony, and are published in the interests of readers, who will find therein a faithful summary of the news of the day as gathered from all parts, together with reports of the proceedings of the various bodies, courts, and public meetings held during the week, as well as commercial and shipping intelligence of interest to the district.
BROKEN HILL.
A CO-OPERATIVE MOVEMENT.
The following telegrams were received by the Press Association from the several centres of the colony, and are published in the interests of readers, who will find therein a faithful summary of the news of the day as gathered from all parts, together with reports of the proceedings of the various bodies, courts, and public meetings held during the week, as well as commercial and shipping intelligence of interest to the district.
CHEAPENING CABLES.
OF PARAMOUNT NECESSITY.
CONFERENCE IN LONDON.
The following telegrams were received by the Press Association from the several centres of the colony, and are published in the interests of readers, who will find therein a faithful summary of the news of the day as gathered from all parts, together with reports of the proceedings of the various bodies, courts, and public meetings held during the week, as well as commercial and shipping intelligence of interest to the district.
The following telegrams were received by the Press Association from the several centres of the colony, and are published in the interests of readers, who will find therein a faithful summary of the news of the day as gathered from all parts, together with reports of the proceedings of the various bodies, courts, and public meetings held during the week, as well as commercial and shipping intelligence of interest to the district.
GENERAL CABLES.
BADEN-POWELL'S BOY SCOUTS.
The following telegrams were received by the Press Association from the several centres of the colony, and are published in the interests of readers, who will find therein a faithful summary of the news of the day as gathered from all parts, together with reports of the proceedings of the various bodies, courts, and public meetings held during the week, as well as commercial and shipping intelligence of interest to the district.
COLONIAL LEGISLATORS.
The following telegrams were received by the Press Association from the several centres of the colony, and are published in the interests of readers, who will find therein a faithful summary of the news of the day as gathered from all parts, together with reports of the proceedings of the various bodies, courts, and public meetings held during the week, as well as commercial and shipping intelligence of interest to the district.
GERMAN AGRICULTURALISTS IN BRITAIN.
The following telegrams were received by the Press Association from the several centres of the colony, and are published in the interests of readers, who will find therein a faithful summary of the news of the day as gathered from all parts, together with reports of the proceedings of the various bodies, courts, and public meetings held during the week, as well as commercial and shipping intelligence of interest to the district.
AUSTRALIAN NEWS
WILLS WRANGLE.
The following telegrams were received by the Press Association from the several centres of the colony, and are published in the interests of readers, who will find therein a faithful summary of the news of the day as gathered from all parts, together with reports of the proceedings of the various bodies, courts, and public meetings held during the week, as well as commercial and shipping intelligence of interest to the district.
SOAP WORKS DESTROYED.
The following telegrams were received by the Press Association from the several centres of the colony, and are published in the interests of readers, who will find therein a faithful summary of the news of the day as gathered from all parts, together with reports of the proceedings of the various bodies, courts, and public meetings held during the week, as well as commercial and shipping intelligence of interest to the district.
DISCOVERY OF COAL.
The following telegrams were received by the Press Association from the several centres of the colony, and are published in the interests of readers, who will find therein a faithful summary of the news of the day as gathered from all parts, together with reports of the proceedings of the various bodies, courts, and public meetings held during the week, as well as commercial and shipping intelligence of interest to the district.
COUNCIL OF ADVICE.
The following telegrams were received by the Press Association from the several centres of the colony, and are published in the interests of readers, who will find therein a faithful summary of the news of the day as gathered from all parts, together with reports of the proceedings of the various bodies, courts, and public meetings held during the week, as well as commercial and shipping intelligence of interest to the district.
SPEARED AND EATEN BY BLACKS.
The following telegrams were received by the Press Association from the several centres of the colony, and are published in the interests of readers, who will find therein a faithful summary of the news of the day as gathered from all parts, together with reports of the proceedings of the various bodies, courts, and public meetings held during the week, as well as commercial and shipping intelligence of interest to the district.
ANTARCTIC MINERAL DEPOSITS.
The following telegrams were received by the Press Association from the several centres of the colony, and are published in the interests of readers, who will find therein a faithful summary of the news of the day as gathered from all parts, together with reports of the proceedings of the various bodies, courts, and public meetings held during the week, as well as commercial and shipping intelligence of interest to the district.
SQUIRES, FOOLISH.
The following telegrams were received by the Press Association from the several centres of the colony, and are published in the interests of readers, who will find therein a faithful summary of the news of the day as gathered from all parts, together with reports of the proceedings of the various bodies, courts, and public meetings held during the week, as well as commercial and shipping intelligence of interest to the district.
THE LIVESTOCK MURDER.
The following telegrams were received by the Press Association from the several centres of the colony, and are published in the interests of readers, who will find therein a faithful summary of the news of the day as gathered from all parts, together with reports of the proceedings of the various bodies, courts, and public meetings held during the week, as well as commercial and shipping intelligence of interest to the district.
ACCIDENTS AND FATALITIES
A MINER'S SUICIDE.
The following telegrams were received by the Press Association from the several centres of the colony, and are published in the interests of readers, who will find therein a faithful summary of the news of the day as gathered from all parts, together with reports of the proceedings of the various bodies, courts, and public meetings held during the week, as well as commercial and shipping intelligence of interest to the district.
YOUNG MAN KILLED.
The following telegrams were received by the Press Association from the several centres of the colony, and are published in the interests of readers, who will find therein a faithful summary of the news of the day as gathered from all parts, together with reports of the proceedings of the various bodies, courts, and public meetings held during the week, as well as commercial and shipping intelligence of interest to the district.
LICENSING COMMITTEES
The following telegrams were received by the Press Association from the several centres of the colony, and are published in the interests of readers, who will find therein a faithful summary of the news of the day as gathered from all parts, together with reports of the proceedings of the various bodies, courts, and public meetings held during the week, as well as commercial and shipping intelligence of interest to the district.
The following telegrams were received by the Press Association from the several centres of the colony, and are published in the interests of readers, who will find therein a faithful summary of the news of the day as gathered from all parts, together with reports of the proceedings of the various bodies, courts, and public meetings held during the week, as well as commercial and shipping intelligence of interest to the district.
MONEY IS FREQUENTLY LOST.
The following telegrams were received by the Press Association from the several centres of the colony, and are published in the interests of readers, who will find therein a faithful summary of the news of the day as gathered from all parts, together with reports of the proceedings of the various bodies, courts, and public meetings held during the week, as well as commercial and shipping intelligence of interest to the district.
The following telegrams were received by the Press Association from the several centres of the colony, and are published in the interests of readers, who will find therein a faithful summary of the news of the day as gathered from all parts, together with reports of the proceedings of the various bodies, courts, and public meetings held during the week, as well as commercial and shipping intelligence of interest to the district.
